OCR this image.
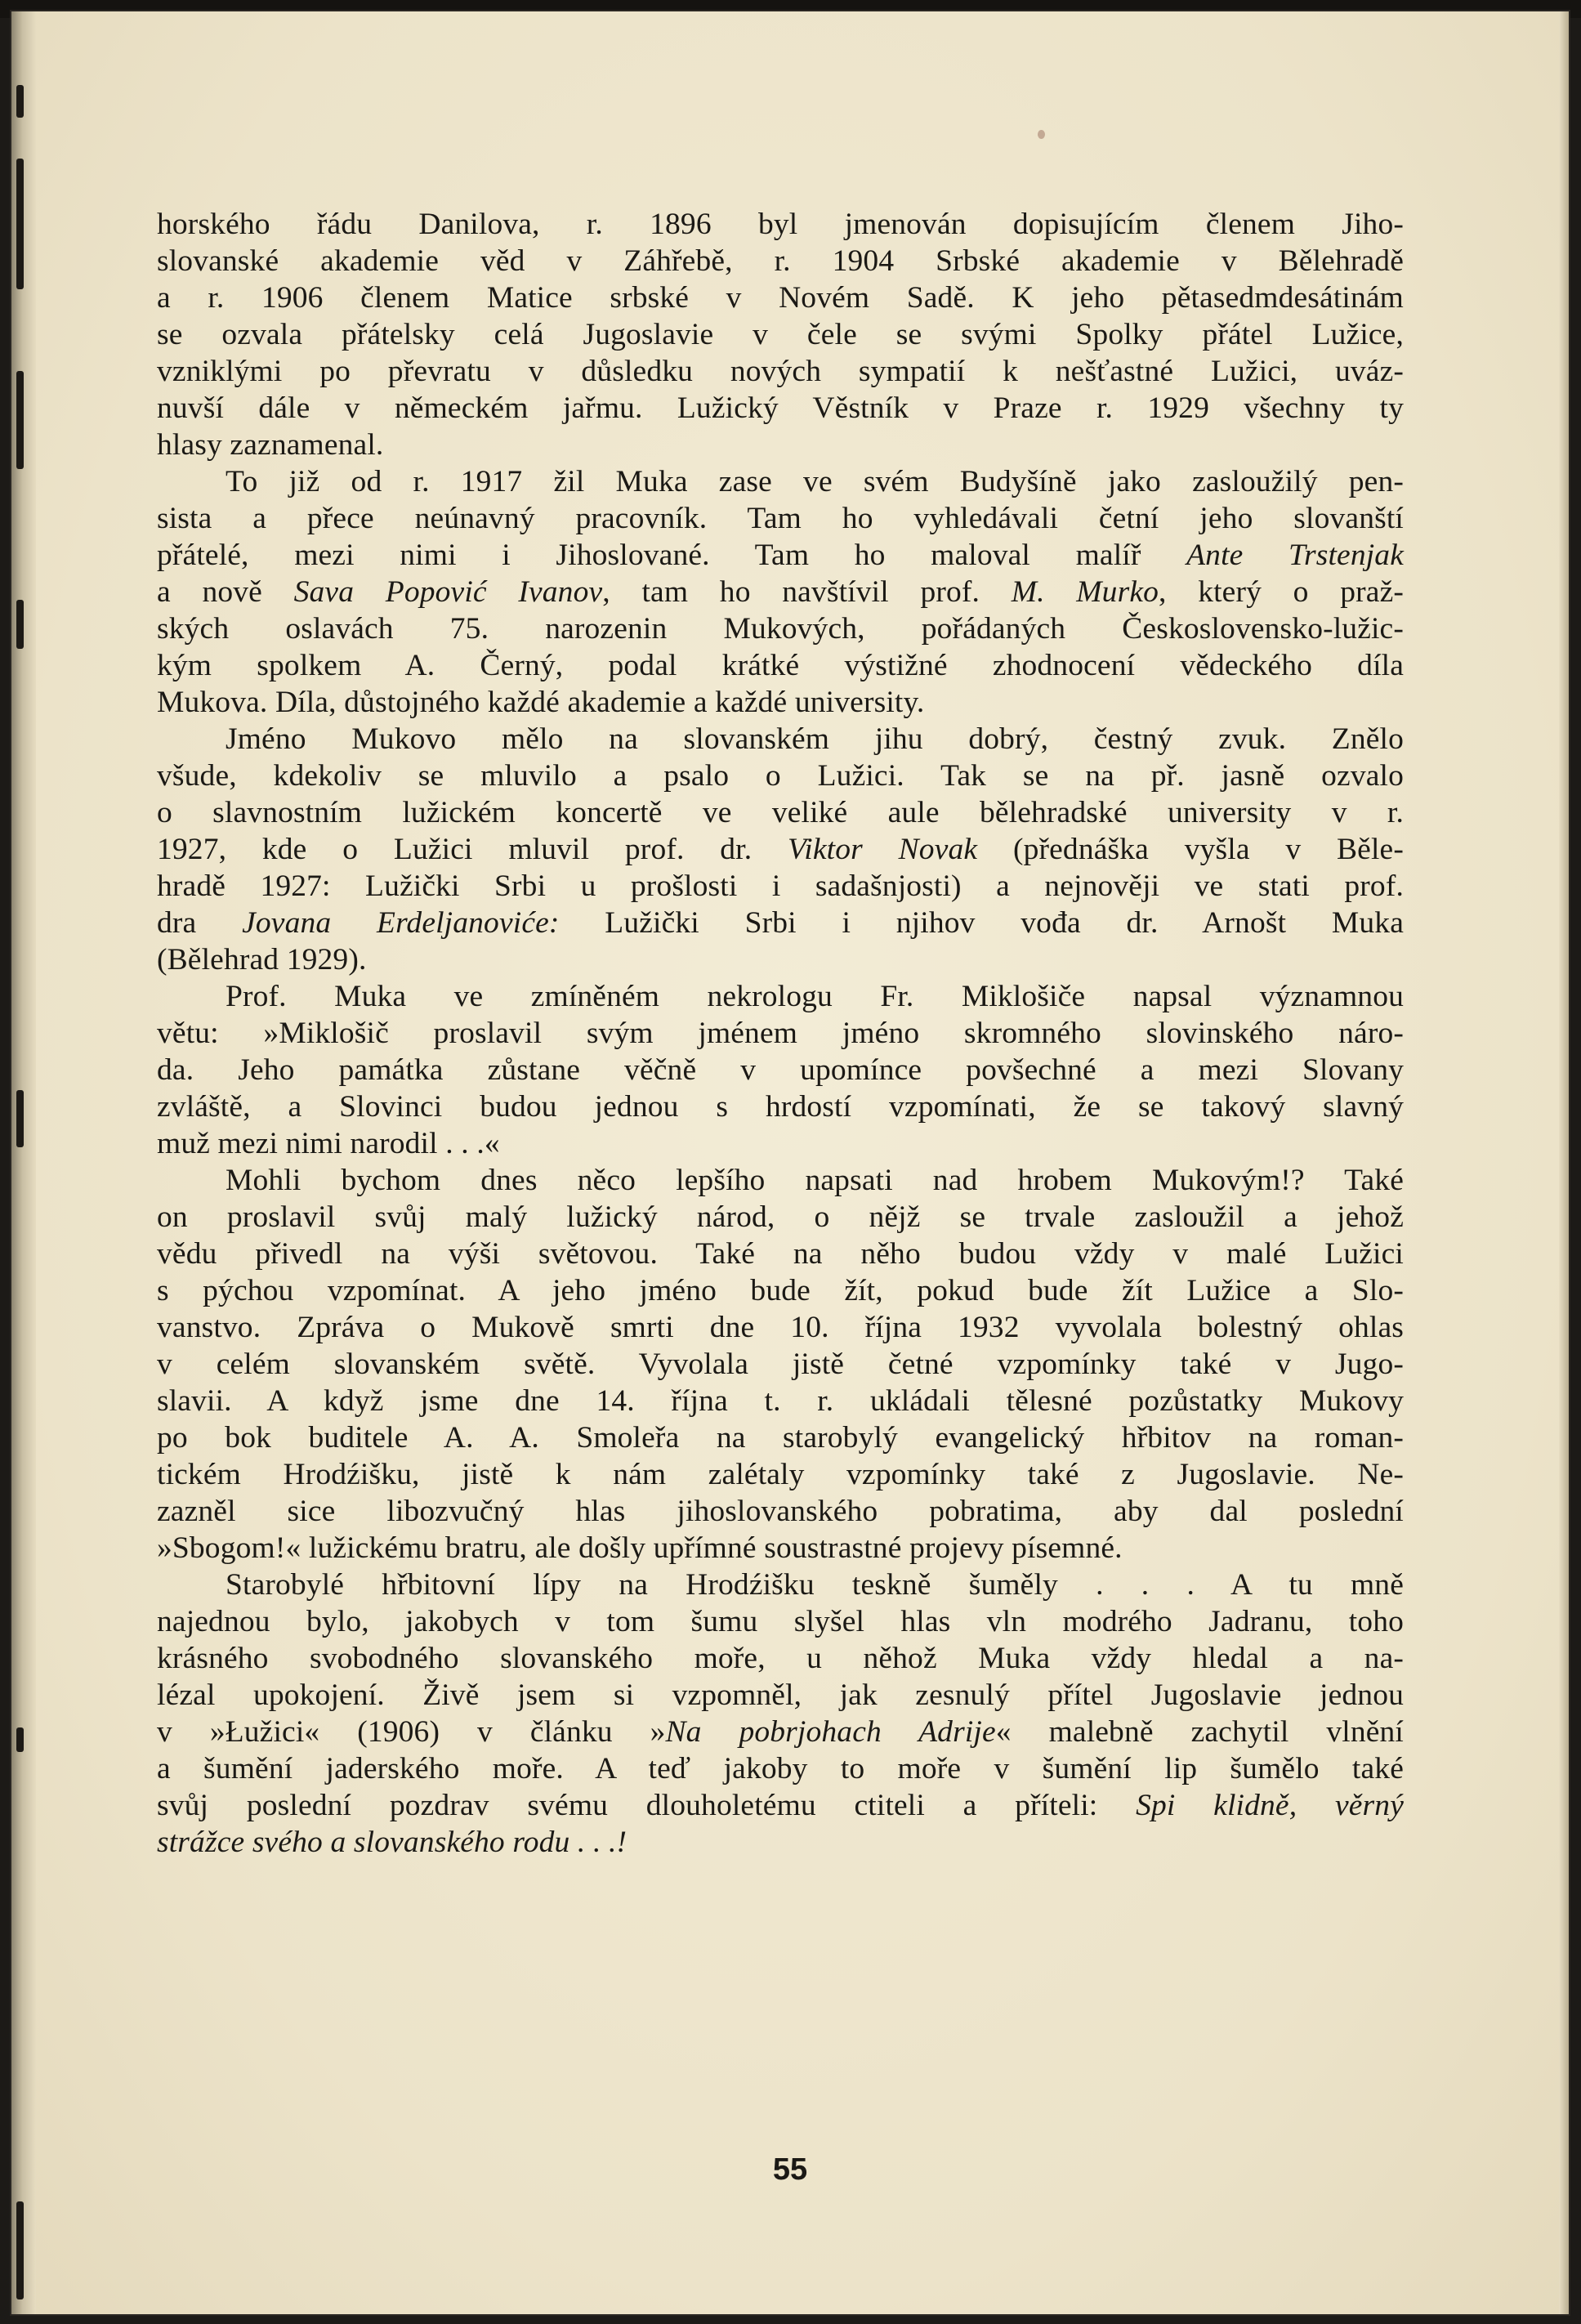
horského řádu Danilova, r. 1896 byl jmenován dopisujícím členem Jiho-
slovanské akademie věd v Záhřebě, r. 1904 Srbské akademie v Bělehradě
a r. 1906 členem Matice srbské v Novém Sadě. K jeho pětasedmdesátinám
se ozvala přátelsky celá Jugoslavie v čele se svými Spolky přátel Lužice,
vzniklými po převratu v důsledku nových sympatií k nešťastné Lužici, uváz-
nuvší dále v německém jařmu. Lužický Věstník v Praze r. 1929 všechny ty
hlasy zaznamenal.
To již od r. 1917 žil Muka zase ve svém Budyšíně jako zasloužilý pen-
sista a přece neúnavný pracovník. Tam ho vyhledávali četní jeho slovanští
přátelé, mezi nimi i Jihoslované. Tam ho maloval malíř Ante Trstenjak
a nově Sava Popović Ivanov, tam ho navštívil prof. M. Murko, který o praž-
ských oslavách 75. narozenin Mukových, pořádaných Československo-lužic-
kým spolkem A. Černý, podal krátké výstižné zhodnocení vědeckého díla
Mukova. Díla, důstojného každé akademie a každé university.
Jméno Mukovo mělo na slovanském jihu dobrý, čestný zvuk. Znělo
všude, kdekoliv se mluvilo a psalo o Lužici. Tak se na př. jasně ozvalo
o slavnostním lužickém koncertě ve veliké aule bělehradské university v r.
1927, kde o Lužici mluvil prof. dr. Viktor Novak (přednáška vyšla v Běle-
hradě 1927: Lužički Srbi u prošlosti i sadašnjosti) a nejnověji ve stati prof.
dra Jovana Erdeljanoviće: Lužički Srbi i njihov vođa dr. Arnošt Muka
(Bělehrad 1929).
Prof. Muka ve zmíněném nekrologu Fr. Miklošiče napsal významnou
větu: »Miklošič proslavil svým jménem jméno skromného slovinského náro-
da. Jeho památka zůstane věčně v upomínce povšechné a mezi Slovany
zvláště, a Slovinci budou jednou s hrdostí vzpomínati, že se takový slavný
muž mezi nimi narodil . . .«
Mohli bychom dnes něco lepšího napsati nad hrobem Mukovým!? Také
on proslavil svůj malý lužický národ, o nějž se trvale zasloužil a jehož
vědu přivedl na výši světovou. Také na něho budou vždy v malé Lužici
s pýchou vzpomínat. A jeho jméno bude žít, pokud bude žít Lužice a Slo-
vanstvo. Zpráva o Mukově smrti dne 10. října 1932 vyvolala bolestný ohlas
v celém slovanském světě. Vyvolala jistě četné vzpomínky také v Jugo-
slavii. A když jsme dne 14. října t. r. ukládali tělesné pozůstatky Mukovy
po bok buditele A. A. Smoleřa na starobylý evangelický hřbitov na roman-
tickém Hrodźišku, jistě k nám zalétaly vzpomínky také z Jugoslavie. Ne-
zazněl sice libozvučný hlas jihoslovanského pobratima, aby dal poslední
»Sbogom!« lužickému bratru, ale došly upřímné soustrastné projevy písemné.
Starobylé hřbitovní lípy na Hrodźišku teskně šuměly . . . A tu mně
najednou bylo, jakobych v tom šumu slyšel hlas vln modrého Jadranu, toho
krásného svobodného slovanského moře, u něhož Muka vždy hledal a na-
lézal upokojení. Živě jsem si vzpomněl, jak zesnulý přítel Jugoslavie jednou
v »Łužici« (1906) v článku »Na pobrjohach Adrije« malebně zachytil vlnění
a šumění jaderského moře. A teď jakoby to moře v šumění lip šumělo také
svůj poslední pozdrav svému dlouholetému ctiteli a příteli: Spi klidně, věrný
strážce svého a slovanského rodu . . .!
55
